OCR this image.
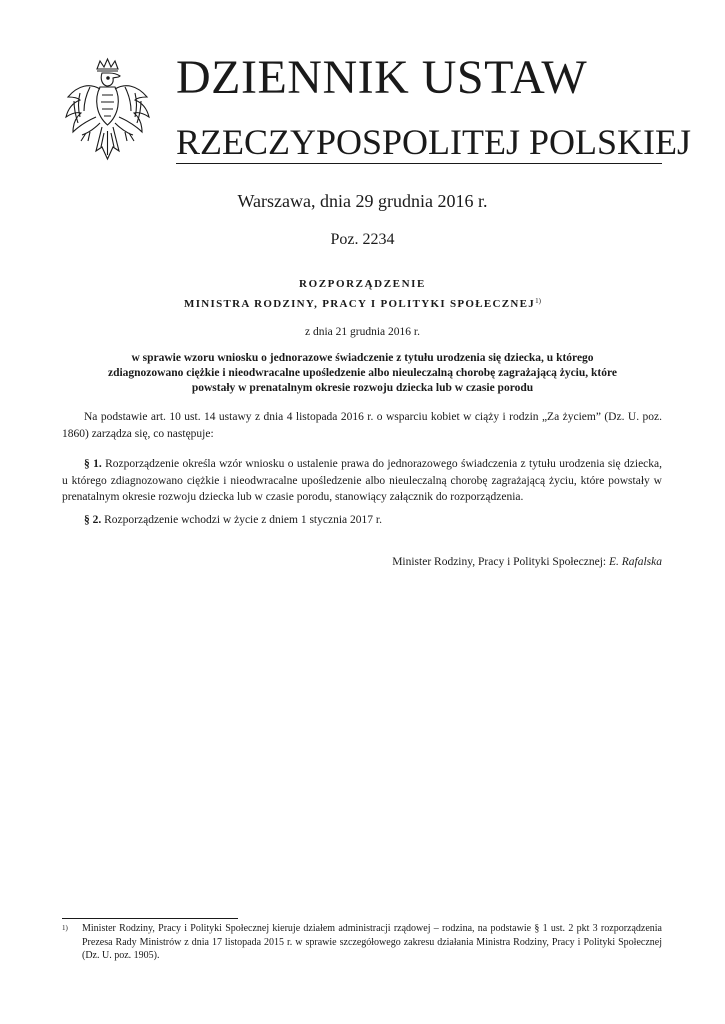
DZIENNIK USTAW
RZECZYPOSPOLITEJ POLSKIEJ
Warszawa, dnia 29 grudnia 2016 r.
Poz. 2234
ROZPORZĄDZENIE
MINISTRA RODZINY, PRACY I POLITYKI SPOŁECZNEJ$^{1)}$
z dnia 21 grudnia 2016 r.
w sprawie wzoru wniosku o jednorazowe świadczenie z tytułu urodzenia się dziecka, u którego zdiagnozowano ciężkie i nieodwracalne upośledzenie albo nieuleczalną chorobę zagrażającą życiu, które powstały w prenatalnym okresie rozwoju dziecka lub w czasie porodu
Na podstawie art. 10 ust. 14 ustawy z dnia 4 listopada 2016 r. o wsparciu kobiet w ciąży i rodzin „Za życiem” (Dz. U. poz. 1860) zarządza się, co następuje:
§ 1. Rozporządzenie określa wzór wniosku o ustalenie prawa do jednorazowego świadczenia z tytułu urodzenia się dziecka, u którego zdiagnozowano ciężkie i nieodwracalne upośledzenie albo nieuleczalną chorobę zagrażającą życiu, które powstały w prenatalnym okresie rozwoju dziecka lub w czasie porodu, stanowiący załącznik do rozporządzenia.
§ 2. Rozporządzenie wchodzi w życie z dniem 1 stycznia 2017 r.
Minister Rodziny, Pracy i Polityki Społecznej: E. Rafalska
1) Minister Rodziny, Pracy i Polityki Społecznej kieruje działem administracji rządowej – rodzina, na podstawie § 1 ust. 2 pkt 3 rozporządzenia Prezesa Rady Ministrów z dnia 17 listopada 2015 r. w sprawie szczegółowego zakresu działania Ministra Rodziny, Pracy i Polityki Społecznej (Dz. U. poz. 1905).
